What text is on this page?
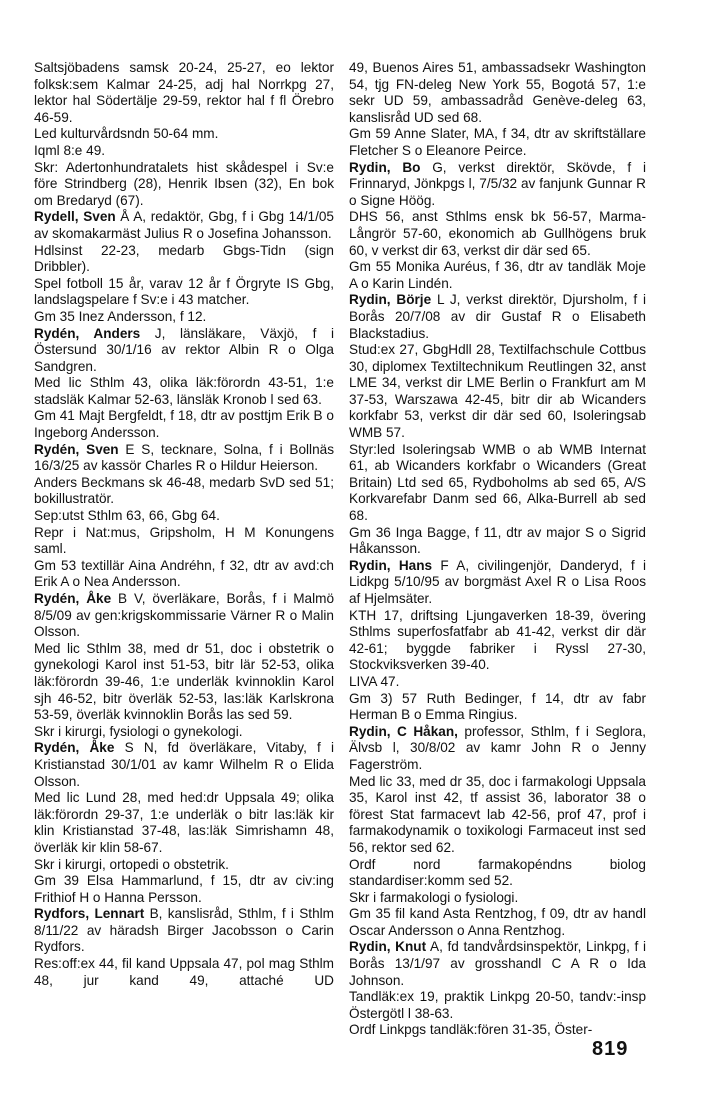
Saltsjöbadens samsk 20-24, 25-27, eo lektor folksk:sem Kalmar 24-25, adj hal Norrkpg 27, lektor hal Södertälje 29-59, rektor hal f fl Örebro 46-59.

Led kulturvårdsndn 50-64 mm.

Iqml 8:e 49.

Skr: Adertonhundratalets hist skådespel i Sv:e före Strindberg (28), Henrik Ibsen (32), En bok om Bredaryd (67).

Rydell, Sven Å A, redaktör, Gbg, f i Gbg 14/1/05 av skomakarmäst Julius R o Josefina Johansson.

Hdlsinst 22-23, medarb Gbgs-Tidn (sign Dribbler).

Spel fotboll 15 år, varav 12 år f Örgryte IS Gbg, landslagspelare f Sv:e i 43 matcher.

Gm 35 Inez Andersson, f 12.

Rydén, Anders J, länsläkare, Växjö, f i Östersund 30/1/16 av rektor Albin R o Olga Sandgren.

Med lic Sthlm 43, olika läk:förordn 43-51, 1:e stadsläk Kalmar 52-63, länsläk Kronob l sed 63.

Gm 41 Majt Bergfeldt, f 18, dtr av posttjm Erik B o Ingeborg Andersson.

Rydén, Sven E S, tecknare, Solna, f i Bollnäs 16/3/25 av kassör Charles R o Hildur Heierson.

Anders Beckmans sk 46-48, medarb SvD sed 51; bokillustratör.

Sep:utst Sthlm 63, 66, Gbg 64.

Repr i Nat:mus, Gripsholm, H M Konungens saml.

Gm 53 textillär Aina Andréhn, f 32, dtr av avd:ch Erik A o Nea Andersson.

Rydén, Åke B V, överläkare, Borås, f i Malmö 8/5/09 av gen:krigskommissarie Värner R o Malin Olsson.

Med lic Sthlm 38, med dr 51, doc i obstetrik o gynekologi Karol inst 51-53, bitr lär 52-53, olika läk:förordn 39-46, 1:e underläk kvinnoklin Karol sjh 46-52, bitr överläk 52-53, las:läk Karlskrona 53-59, överläk kvinnoklin Borås las sed 59.

Skr i kirurgi, fysiologi o gynekologi.

Rydén, Åke S N, fd överläkare, Vitaby, f i Kristianstad 30/1/01 av kamr Wilhelm R o Elida Olsson.

Med lic Lund 28, med hed:dr Uppsala 49; olika läk:förordn 29-37, 1:e underläk o bitr las:läk kir klin Kristianstad 37-48, las:läk Simrishamn 48, överläk kir klin 58-67.

Skr i kirurgi, ortopedi o obstetrik.

Gm 39 Elsa Hammarlund, f 15, dtr av civ:ing Frithiof H o Hanna Persson.

Rydfors, Lennart B, kanslisråd, Sthlm, f i Sthlm 8/11/22 av häradsh Birger Jacobsson o Carin Rydfors.

Res:off:ex 44, fil kand Uppsala 47, pol mag Sthlm 48, jur kand 49, attaché UD

49, Buenos Aires 51, ambassadsekr Washington 54, tjg FN-deleg New York 55, Bogotá 57, 1:e sekr UD 59, ambassadråd Genève-deleg 63, kanslisråd UD sed 68.

Gm 59 Anne Slater, MA, f 34, dtr av skriftställare Fletcher S o Eleanore Peirce.

Rydin, Bo G, verkst direktör, Skövde, f i Frinnaryd, Jönkpgs l, 7/5/32 av fanjunk Gunnar R o Signe Höög.

DHS 56, anst Sthlms ensk bk 56-57, Marma-Långrör 57-60, ekonomich ab Gullhögens bruk 60, v verkst dir 63, verkst dir där sed 65.

Gm 55 Monika Auréus, f 36, dtr av tandläk Moje A o Karin Lindén.

Rydin, Börje L J, verkst direktör, Djursholm, f i Borås 20/7/08 av dir Gustaf R o Elisabeth Blackstadius.

Stud:ex 27, GbgHdll 28, Textilfachschule Cottbus 30, diplomex Textiltechnikum Reutlingen 32, anst LME 34, verkst dir LME Berlin o Frankfurt am M 37-53, Warszawa 42-45, bitr dir ab Wicanders korkfabr 53, verkst dir där sed 60, Isoleringsab WMB 57.

Styr:led Isoleringsab WMB o ab WMB Internat 61, ab Wicanders korkfabr o Wicanders (Great Britain) Ltd sed 65, Rydboholms ab sed 65, A/S Korkvarefabr Danm sed 66, Alka-Burrell ab sed 68.

Gm 36 Inga Bagge, f 11, dtr av major S o Sigrid Håkansson.

Rydin, Hans F A, civilingenjör, Danderyd, f i Lidkpg 5/10/95 av borgmäst Axel R o Lisa Roos af Hjelmsäter.

KTH 17, driftsing Ljungaverken 18-39, övering Sthlms superfosfatfabr ab 41-42, verkst dir där 42-61; byggde fabriker i Ryssl 27-30, Stockviksverken 39-40.

LIVA 47.

Gm 3) 57 Ruth Bedinger, f 14, dtr av fabr Herman B o Emma Ringius.

Rydin, C Håkan, professor, Sthlm, f i Seglora, Älvsb l, 30/8/02 av kamr John R o Jenny Fagerström.

Med lic 33, med dr 35, doc i farmakologi Uppsala 35, Karol inst 42, tf assist 36, laborator 38 o förest Stat farmacevt lab 42-56, prof 47, prof i farmakodynamik o toxikologi Farmaceut inst sed 56, rektor sed 62.

Ordf nord farmakopéndns biolog standardiser:komm sed 52.

Skr i farmakologi o fysiologi.

Gm 35 fil kand Asta Rentzhog, f 09, dtr av handl Oscar Andersson o Anna Rentzhog.

Rydin, Knut A, fd tandvårdsinspektör, Linkpg, f i Borås 13/1/97 av grosshandl C A R o Ida Johnson.

Tandläk:ex 19, praktik Linkpg 20-50, tandv:-insp Östergötl l 38-63.

Ordf Linkpgs tandläk:fören 31-35, Öster-

819
